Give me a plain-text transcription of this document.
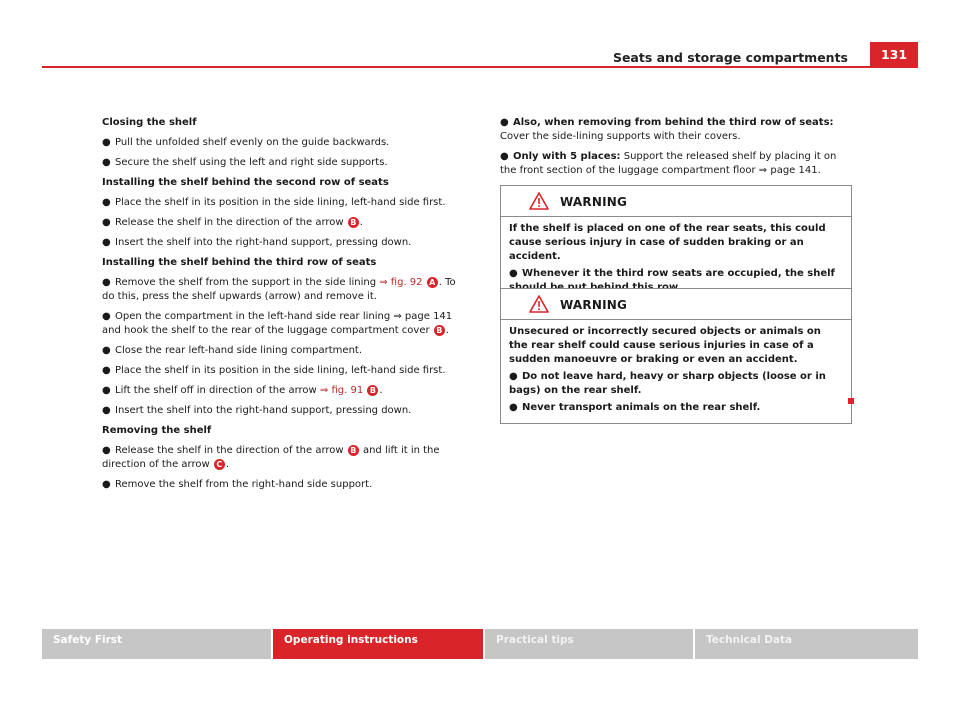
Seats and storage compartments	131

Closing the shelf

● Pull the unfolded shelf evenly on the guide backwards.

● Secure the shelf using the left and right side supports.

Installing the shelf behind the second row of seats

● Place the shelf in its position in the side lining, left-hand side first.

● Release the shelf in the direction of the arrow B .

● Insert the shelf into the right-hand support, pressing down.

Installing the shelf behind the third row of seats

● Remove the shelf from the support in the side lining ⇒ fig. 92 A . To do this, press the shelf upwards (arrow) and remove it.

● Open the compartment in the left-hand side rear lining ⇒ page 141 and hook the shelf to the rear of the luggage compartment cover B .

● Close the rear left-hand side lining compartment.

● Place the shelf in its position in the side lining, left-hand side first.

● Lift the shelf off in direction of the arrow ⇒ fig. 91 B .

● Insert the shelf into the right-hand support, pressing down.

Removing the shelf

● Release the shelf in the direction of the arrow B and lift it in the direction of the arrow C .

● Remove the shelf from the right-hand side support.

● Also, when removing from behind the third row of seats: Cover the side-lining supports with their covers.

● Only with 5 places: Support the released shelf by placing it on the front section of the luggage compartment floor ⇒ page 141.

WARNING

If the shelf is placed on one of the rear seats, this could cause serious injury in case of sudden braking or an accident.

● Whenever it the third row seats are occupied, the shelf

WARNING

Unsecured or incorrectly secured objects or animals on the rear shelf could cause serious injuries in case of a sudden manoeuvre or braking or even an accident.

● Do not leave hard, heavy or sharp objects (loose or in bags) on the rear shelf.

● Never transport animals on the rear shelf.

Safety First	Operating instructions	Practical tips	Technical Data
